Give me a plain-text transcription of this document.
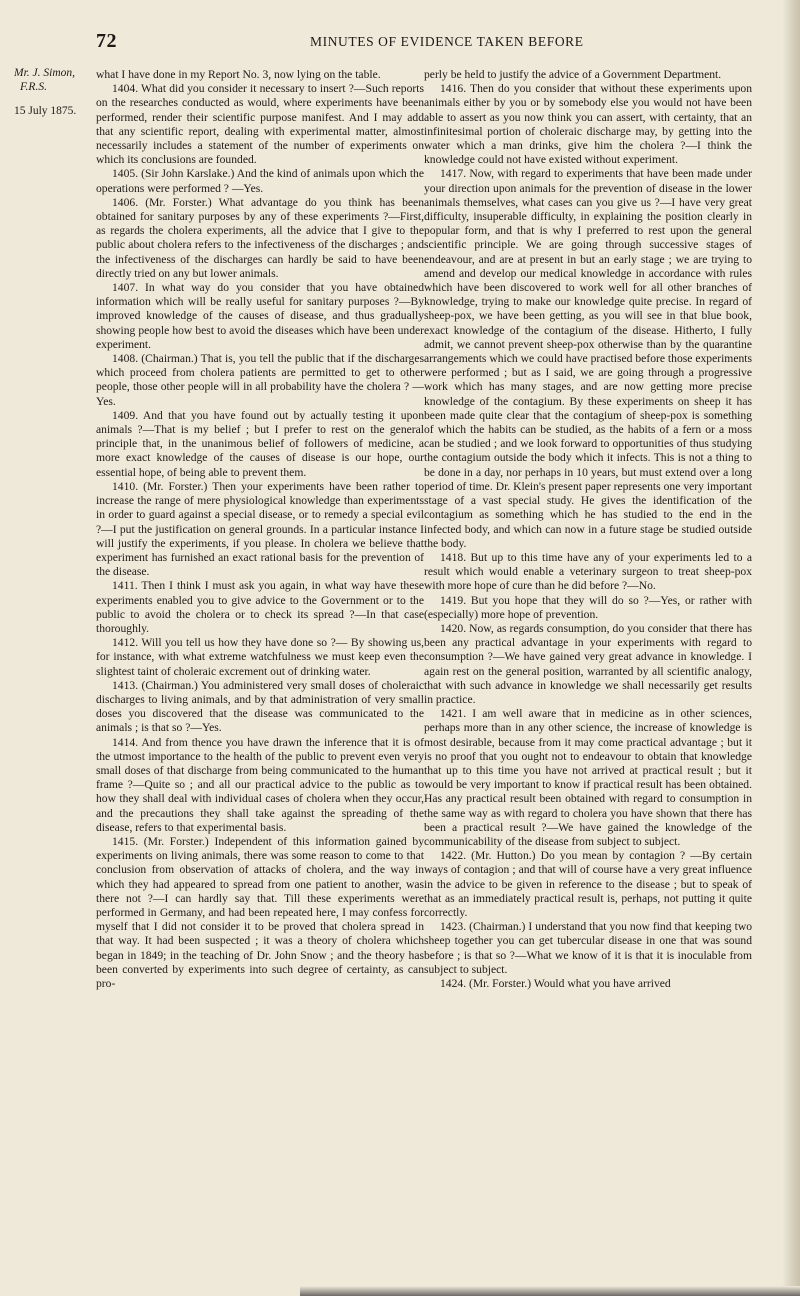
72	MINUTES OF EVIDENCE TAKEN BEFORE
Mr. J. Simon,
F.R.S.
15 July 1875.

what I have done in my Report No. 3, now lying on the table.

1404. What did you consider it necessary to insert ?—Such reports on the researches conducted as would, where experiments have been performed, render their scientific purpose manifest. And I may add that any scientific report, dealing with experimental matter, almost necessarily includes a statement of the number of experiments on which its conclusions are founded.

1405. (Sir John Karslake.) And the kind of animals upon which the operations were performed ? —Yes.

1406. (Mr. Forster.) What advantage do you think has been obtained for sanitary purposes by any of these experiments ?—First, as regards the cholera experiments, all the advice that I give to the public about cholera refers to the infectiveness of the discharges ; and the infectiveness of the discharges can hardly be said to have been directly tried on any but lower animals.

1407. In what way do you consider that you have obtained information which will be really useful for sanitary purposes ?—By improved knowledge of the causes of disease, and thus gradually showing people how best to avoid the diseases which have been under experiment.

1408. (Chairman.) That is, you tell the public that if the discharges which proceed from cholera patients are permitted to get to other people, those other people will in all probability have the cholera ? —Yes.

1409. And that you have found out by actually testing it upon animals ?—That is my belief ; but I prefer to rest on the general principle that, in the unanimous belief of followers of medicine, a more exact knowledge of the causes of disease is our hope, our essential hope, of being able to prevent them.

1410. (Mr. Forster.) Then your experiments have been rather to increase the range of mere physiological knowledge than experiments in order to guard against a special disease, or to remedy a special evil ?—I put the justification on general grounds. In a particular instance I will justify the experiments, if you please. In cholera we believe that experiment has furnished an exact rational basis for the prevention of the disease.

1411. Then I think I must ask you again, in what way have these experiments enabled you to give advice to the Government or to the public to avoid the cholera or to check its spread ?—In that case thoroughly.

1412. Will you tell us how they have done so ?— By showing us, for instance, with what extreme watchfulness we must keep even the slightest taint of choleraic excrement out of drinking water.

1413. (Chairman.) You administered very small doses of choleraic discharges to living animals, and by that administration of very small doses you discovered that the disease was communicated to the animals ; is that so ?—Yes.

1414. And from thence you have drawn the inference that it is of the utmost importance to the health of the public to prevent even very small doses of that discharge from being communicated to the human frame ?—Quite so ; and all our practical advice to the public as to how they shall deal with individual cases of cholera when they occur, and the precautions they shall take against the spreading of the disease, refers to that experimental basis.

1415. (Mr. Forster.) Independent of this information gained by experiments on living animals, there was some reason to come to that conclusion from observation of attacks of cholera, and the way in which they had appeared to spread from one patient to another, was there not ?—I can hardly say that. Till these experiments were performed in Germany, and had been repeated here, I may confess for myself that I did not consider it to be proved that cholera spread in that way. It had been suspected ; it was a theory of cholera which began in 1849; in the teaching of Dr. John Snow ; and the theory has been converted by experiments into such degree of certainty, as can pro-

perly be held to justify the advice of a Government Department.

1416. Then do you consider that without these experiments upon animals either by you or by somebody else you would not have been able to assert as you now think you can assert, with certainty, that an infinitesimal portion of choleraic discharge may, by getting into the water which a man drinks, give him the cholera ?—I think the knowledge could not have existed without experiment.

1417. Now, with regard to experiments that have been made under your direction upon animals for the prevention of disease in the lower animals themselves, what cases can you give us ?—I have very great difficulty, insuperable difficulty, in explaining the position clearly in popular form, and that is why I preferred to rest upon the general scientific principle. We are going through successive stages of endeavour, and are at present in but an early stage ; we are trying to amend and develop our medical knowledge in accordance with rules which have been discovered to work well for all other branches of knowledge, trying to make our knowledge quite precise. In regard of sheep-pox, we have been getting, as you will see in that blue book, exact knowledge of the contagium of the disease. Hitherto, I fully admit, we cannot prevent sheep-pox otherwise than by the quarantine arrangements which we could have practised before those experiments were performed ; but as I said, we are going through a progressive work which has many stages, and are now getting more precise knowledge of the contagium. By these experiments on sheep it has been made quite clear that the contagium of sheep-pox is something of which the habits can be studied, as the habits of a fern or a moss can be studied ; and we look forward to opportunities of thus studying the contagium outside the body which it infects. This is not a thing to be done in a day, nor perhaps in 10 years, but must extend over a long period of time. Dr. Klein's present paper represents one very important stage of a vast special study. He gives the identification of the contagium as something which he has studied to the end in the infected body, and which can now in a future stage be studied outside the body.

1418. But up to this time have any of your experiments led to a result which would enable a veterinary surgeon to treat sheep-pox with more hope of cure than he did before ?—No.

1419. But you hope that they will do so ?—Yes, or rather with (especially) more hope of prevention.

1420. Now, as regards consumption, do you consider that there has been any practical advantage in your experiments with regard to consumption ?—We have gained very great advance in knowledge. I again rest on the general position, warranted by all scientific analogy, that with such advance in knowledge we shall necessarily get results in practice.

1421. I am well aware that in medicine as in other sciences, perhaps more than in any other science, the increase of knowledge is most desirable, because from it may come practical advantage ; but it is no proof that you ought not to endeavour to obtain that knowledge that up to this time you have not arrived at practical result ; but it would be very important to know if practical result has been obtained. Has any practical result been obtained with regard to consumption in the same way as with regard to cholera you have shown that there has been a practical result ?—We have gained the knowledge of the communicability of the disease from subject to subject.

1422. (Mr. Hutton.) Do you mean by contagion ? —By certain ways of contagion ; and that will of course have a very great influence in the advice to be given in reference to the disease ; but to speak of that as an immediately practical result is, perhaps, not putting it quite correctly.

1423. (Chairman.) I understand that you now find that keeping two sheep together you can get tubercular disease in one that was sound before ; is that so ?—What we know of it is that it is inoculable from subject to subject.

1424. (Mr. Forster.) Would what you have arrived
